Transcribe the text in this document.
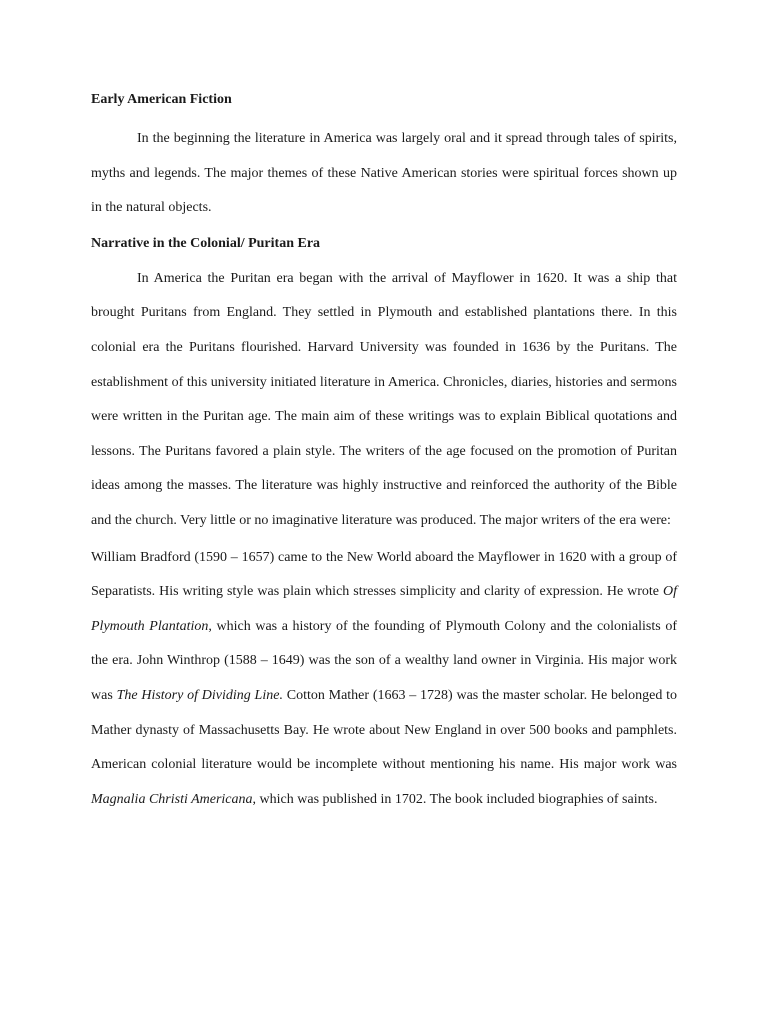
Early American Fiction

In the beginning the literature in America was largely oral and it spread through tales of spirits, myths and legends. The major themes of these Native American stories were spiritual forces shown up in the natural objects.

Narrative in the Colonial/ Puritan Era

In America the Puritan era began with the arrival of Mayflower in 1620. It was a ship that brought Puritans from England. They settled in Plymouth and established plantations there. In this colonial era the Puritans flourished. Harvard University was founded in 1636 by the Puritans. The establishment of this university initiated literature in America. Chronicles, diaries, histories and sermons were written in the Puritan age. The main aim of these writings was to explain Biblical quotations and lessons. The Puritans favored a plain style. The writers of the age focused on the promotion of Puritan ideas among the masses. The literature was highly instructive and reinforced the authority of the Bible and the church. Very little or no imaginative literature was produced. The major writers of the era were:

William Bradford (1590 – 1657) came to the New World aboard the Mayflower in 1620 with a group of Separatists. His writing style was plain which stresses simplicity and clarity of expression. He wrote Of Plymouth Plantation, which was a history of the founding of Plymouth Colony and the colonialists of the era. John Winthrop (1588 – 1649) was the son of a wealthy land owner in Virginia. His major work was The History of Dividing Line. Cotton Mather (1663 – 1728) was the master scholar. He belonged to Mather dynasty of Massachusetts Bay. He wrote about New England in over 500 books and pamphlets. American colonial literature would be incomplete without mentioning his name. His major work was Magnalia Christi Americana, which was published in 1702. The book included biographies of saints.
